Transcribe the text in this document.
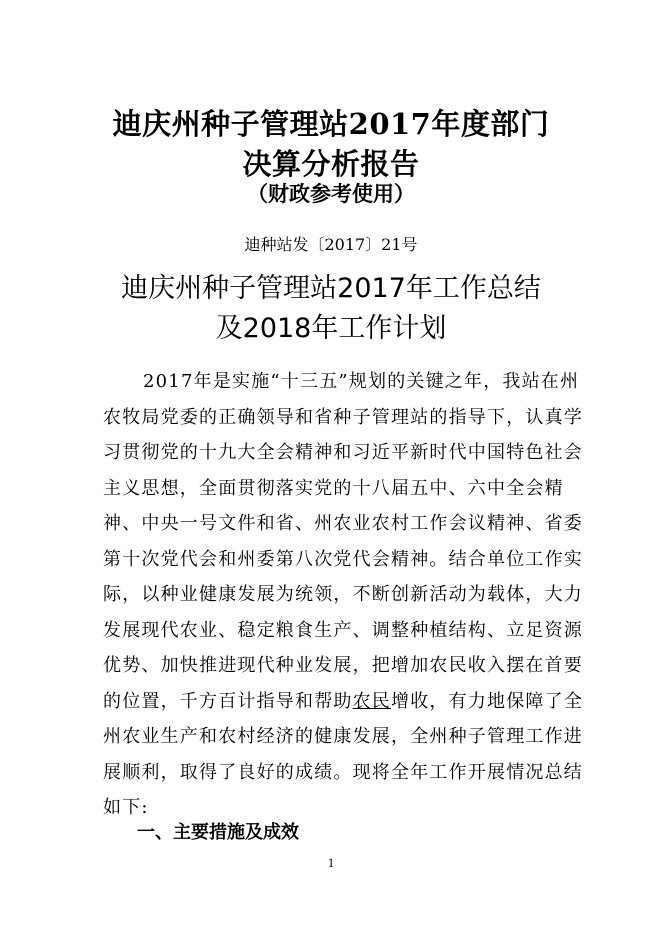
迪庆州种子管理站2017年度部门
决算分析报告
（财政参考使用）
迪种站发〔2017〕21号
迪庆州种子管理站2017年工作总结
及2018年工作计划
2017年是实施“十三五”规划的关键之年，我站在州
农牧局党委的正确领导和省种子管理站的指导下，认真学
习贯彻党的十九大全会精神和习近平新时代中国特色社会
主义思想，全面贯彻落实党的十八届五中、六中全会精
神、中央一号文件和省、州农业农村工作会议精神、省委
第十次党代会和州委第八次党代会精神。结合单位工作实
际，以种业健康发展为统领，不断创新活动为载体，大力
发展现代农业、稳定粮食生产、调整种植结构、立足资源
优势、加快推进现代种业发展，把增加农民收入摆在首要
的位置，千方百计指导和帮助农民增收，有力地保障了全
州农业生产和农村经济的健康发展，全州种子管理工作进
展顺利，取得了良好的成绩。现将全年工作开展情况总结
如下:
一、主要措施及成效
1
